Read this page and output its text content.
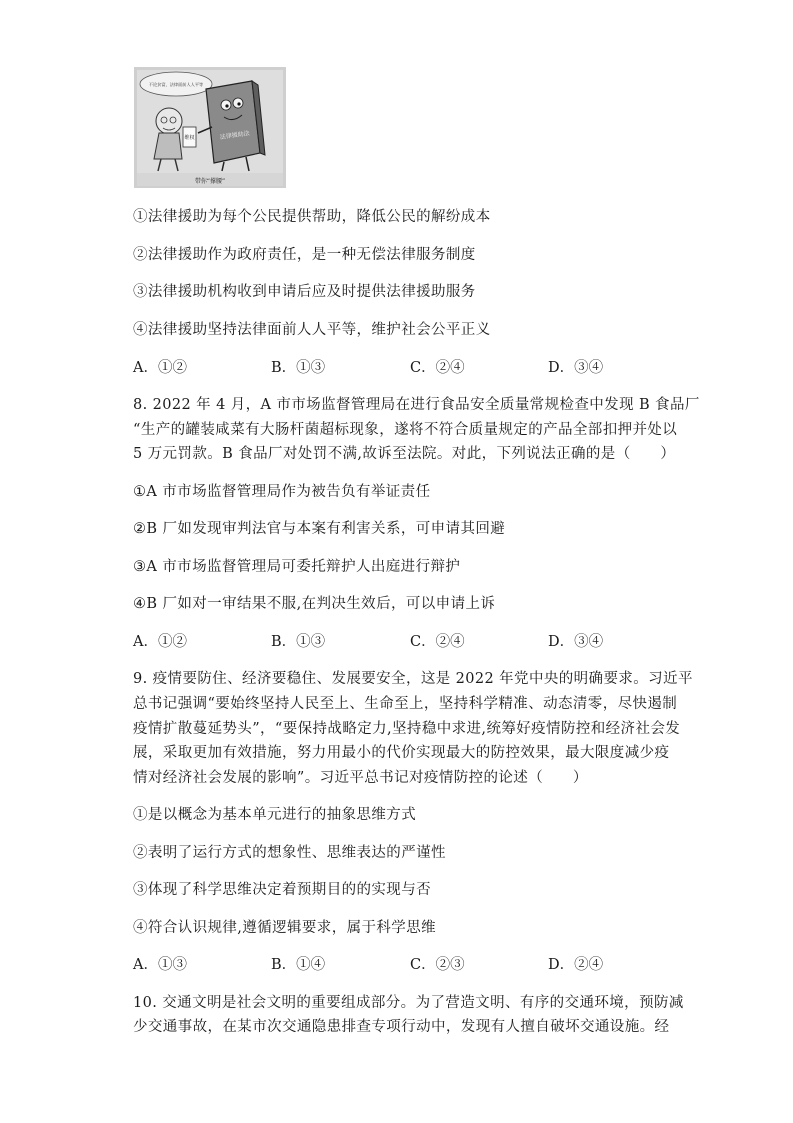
不论贫富，法律面前人人平等
维权	法律援助法
带你“撑腰”
①法律援助为每个公民提供帮助，降低公民的解纷成本
②法律援助作为政府责任，是一种无偿法律服务制度
③法律援助机构收到申请后应及时提供法律援助服务
④法律援助坚持法律面前人人平等，维护社会公平正义
A．①②	B．①③	C．②④	D．③④
8. 2022 年 4 月，A 市市场监督管理局在进行食品安全质量常规检查中发现 B 食品厂
“生产的罐装咸菜有大肠杆菌超标现象，遂将不符合质量规定的产品全部扣押并处以
5 万元罚款。B 食品厂对处罚不满,故诉至法院。对此，下列说法正确的是（　　）
①A 市市场监督管理局作为被告负有举证责任
②B 厂如发现审判法官与本案有利害关系，可申请其回避
③A 市市场监督管理局可委托辩护人出庭进行辩护
④B 厂如对一审结果不服,在判决生效后，可以申请上诉
A．①②	B．①③	C．②④	D．③④
9. 疫情要防住、经济要稳住、发展要安全，这是 2022 年党中央的明确要求。习近平
总书记强调“要始终坚持人民至上、生命至上，坚持科学精准、动态清零，尽快遏制
疫情扩散蔓延势头”，“要保持战略定力,坚持稳中求进,统筹好疫情防控和经济社会发
展，采取更加有效措施，努力用最小的代价实现最大的防控效果，最大限度减少疫
情对经济社会发展的影响”。习近平总书记对疫情防控的论述（　　）
①是以概念为基本单元进行的抽象思维方式
②表明了运行方式的想象性、思维表达的严谨性
③体现了科学思维决定着预期目的的实现与否
④符合认识规律,遵循逻辑要求，属于科学思维
A．①③	B．①④	C．②③	D．②④
10. 交通文明是社会文明的重要组成部分。为了营造文明、有序的交通环境，预防减
少交通事故，在某市次交通隐患排查专项行动中，发现有人擅自破坏交通设施。经
